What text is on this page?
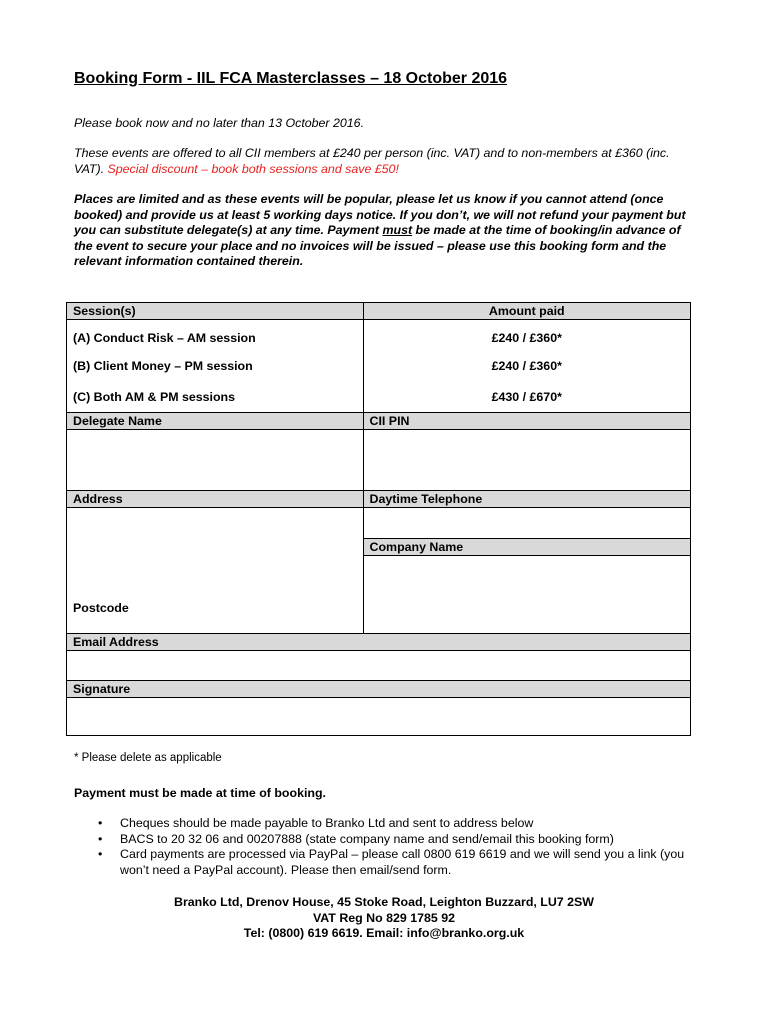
Booking Form - IIL FCA Masterclasses – 18 October 2016

Please book now and no later than 13 October 2016.

These events are offered to all CII members at £240 per person (inc. VAT) and to non-members at £360 (inc. VAT). Special discount – book both sessions and save £50!

Places are limited and as these events will be popular, please let us know if you cannot attend (once booked) and provide us at least 5 working days notice. If you don’t, we will not refund your payment but you can substitute delegate(s) at any time. Payment must be made at the time of booking/in advance of the event to secure your place and no invoices will be issued – please use this booking form and the relevant information contained therein.

Session(s)	Amount paid
(A) Conduct Risk – AM session	£240 / £360*
(B) Client Money – PM session	£240 / £360*
(C) Both AM & PM sessions	£430 / £670*
Delegate Name	CII PIN

Address	Daytime Telephone
Postcode	
	Company Name

Email Address	

Signature	

* Please delete as applicable
Payment must be made at time of booking.
• Cheques should be made payable to Branko Ltd and sent to address below
• BACS to 20 32 06 and 00207888 (state company name and send/email this booking form)
• Card payments are processed via PayPal – please call 0800 619 6619 and we will send you a link (you won’t need a PayPal account). Please then email/send form.
Branko Ltd, Drenov House, 45 Stoke Road, Leighton Buzzard, LU7 2SW
VAT Reg No 829 1785 92
Tel: (0800) 619 6619. Email: info@branko.org.uk
